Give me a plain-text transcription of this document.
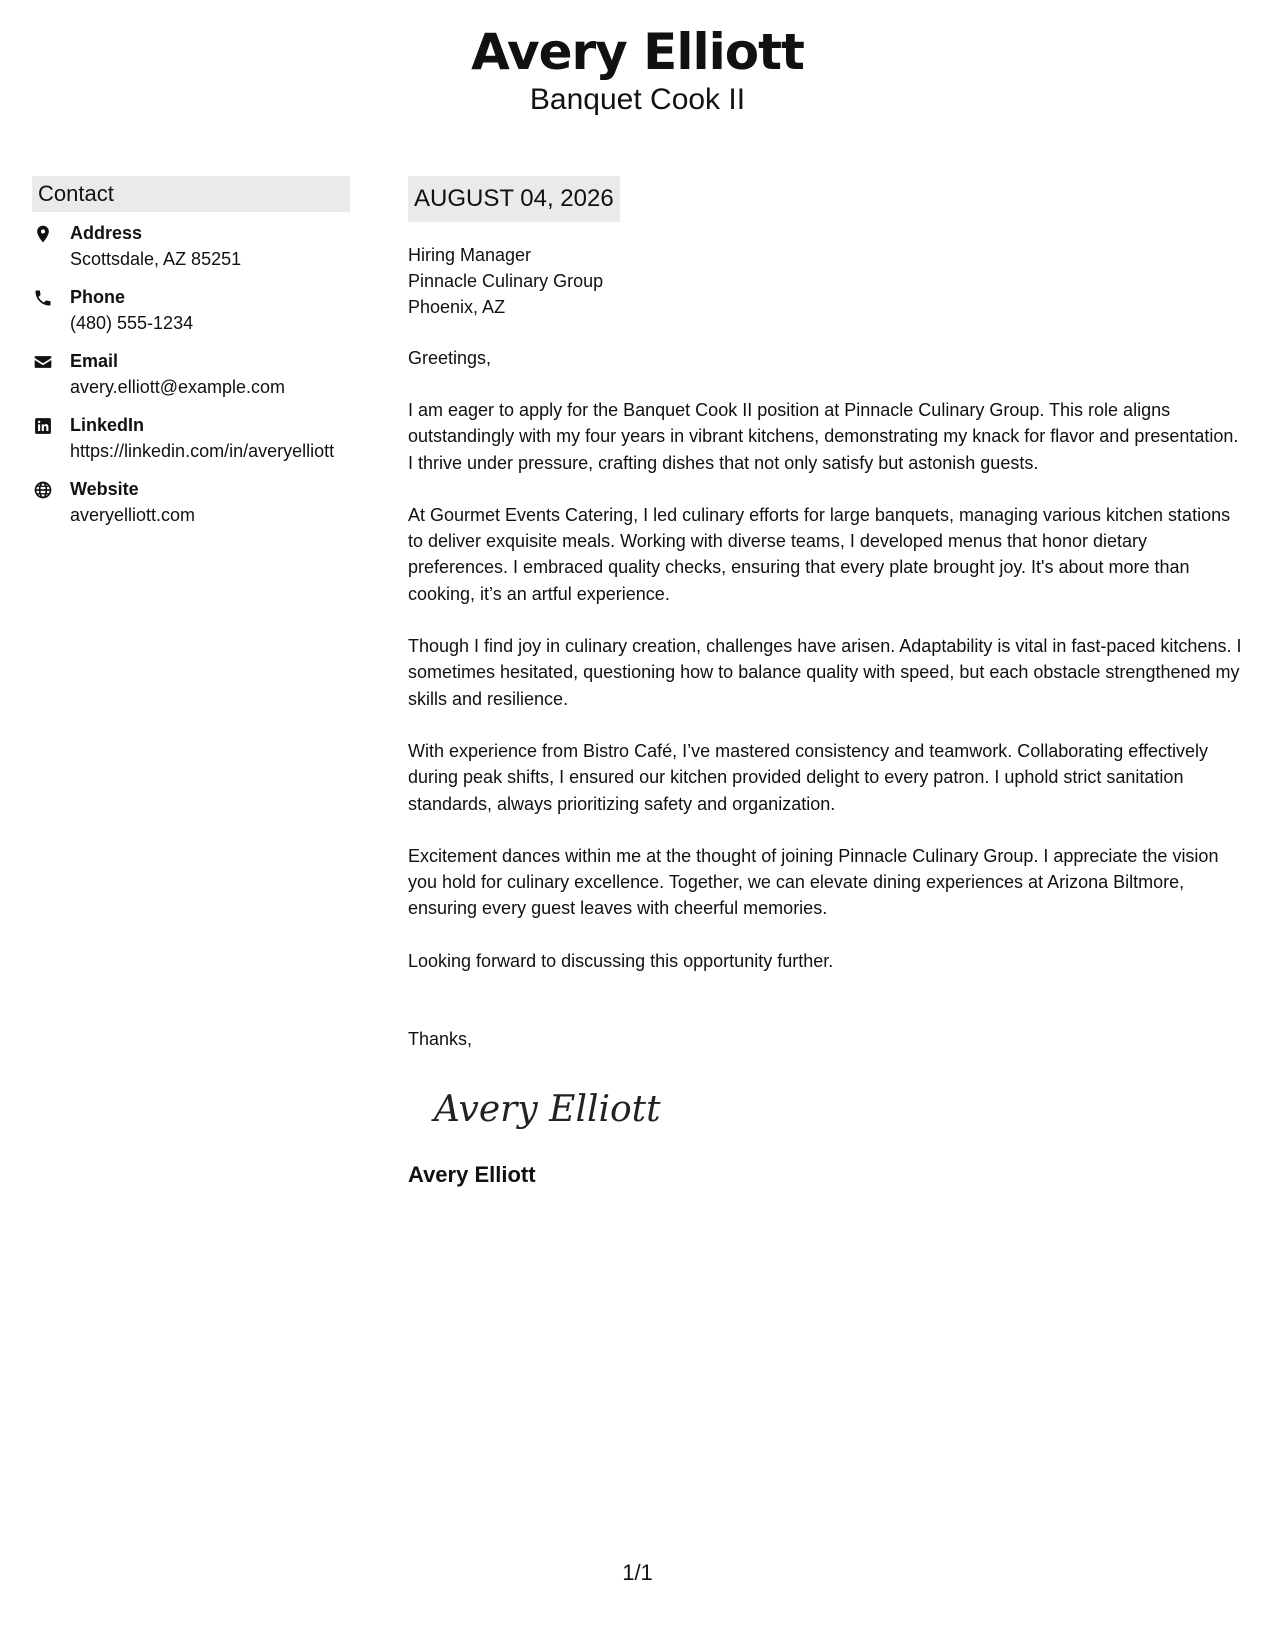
Avery Elliott
Banquet Cook II
Contact
Address
Scottsdale, AZ 85251
Phone
(480) 555-1234
Email
avery.elliott@example.com
LinkedIn
https://linkedin.com/in/averyelliott
Website
averyelliott.com
AUGUST 04, 2026
Hiring Manager
Pinnacle Culinary Group
Phoenix, AZ
Greetings,
I am eager to apply for the Banquet Cook II position at Pinnacle Culinary Group. This role aligns outstandingly with my four years in vibrant kitchens, demonstrating my knack for flavor and presentation. I thrive under pressure, crafting dishes that not only satisfy but astonish guests.
At Gourmet Events Catering, I led culinary efforts for large banquets, managing various kitchen stations to deliver exquisite meals. Working with diverse teams, I developed menus that honor dietary preferences. I embraced quality checks, ensuring that every plate brought joy. It's about more than cooking, it’s an artful experience.
Though I find joy in culinary creation, challenges have arisen. Adaptability is vital in fast-paced kitchens. I sometimes hesitated, questioning how to balance quality with speed, but each obstacle strengthened my skills and resilience.
With experience from Bistro Café, I’ve mastered consistency and teamwork. Collaborating effectively during peak shifts, I ensured our kitchen provided delight to every patron. I uphold strict sanitation standards, always prioritizing safety and organization.
Excitement dances within me at the thought of joining Pinnacle Culinary Group. I appreciate the vision you hold for culinary excellence. Together, we can elevate dining experiences at Arizona Biltmore, ensuring every guest leaves with cheerful memories.
Looking forward to discussing this opportunity further.
Thanks,
Avery Elliott
Avery Elliott
1/1
